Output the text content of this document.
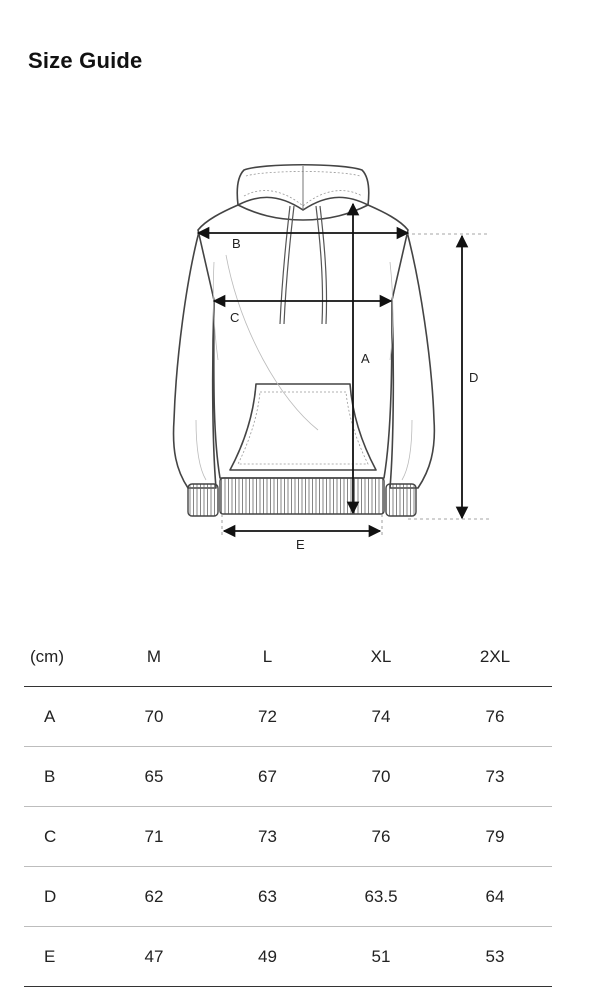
Size Guide
B
C
A
D
E
(cm)	M	L	XL	2XL
A	70	72	74	76
B	65	67	70	73
C	71	73	76	79
D	62	63	63.5	64
E	47	49	51	53
